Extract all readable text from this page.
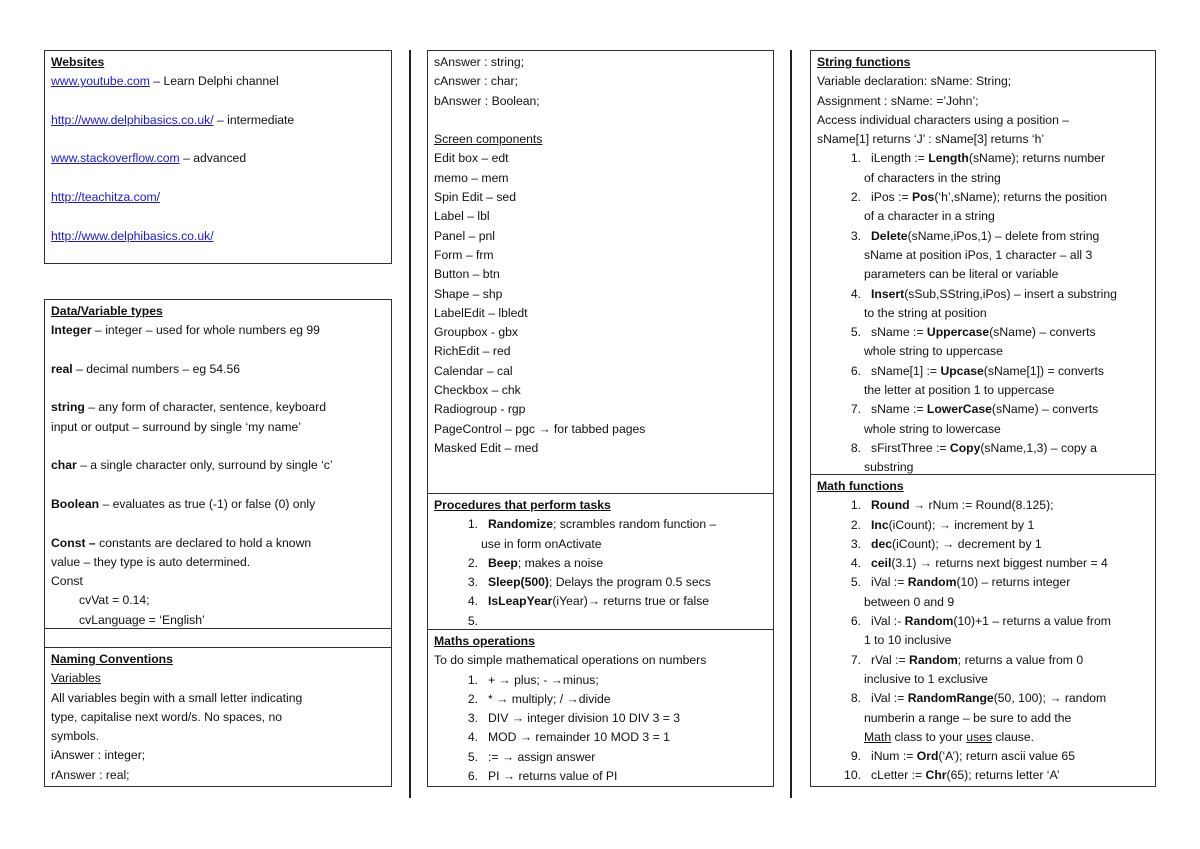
Websites
www.youtube.com – Learn Delphi channel
http://www.delphibasics.co.uk/ – intermediate
www.stackoverflow.com – advanced
http://teachitza.com/
http://www.delphibasics.co.uk/
Data/Variable types
Integer – integer – used for whole numbers eg 99
real – decimal numbers – eg 54.56
string – any form of character, sentence, keyboard
input or output – surround by single ‘my name’
char – a single character only, surround by single ‘c’
Boolean – evaluates as true (-1) or false (0) only
Const – constants are declared to hold a known
value – they type is auto determined.
Const
cvVat = 0.14;
cvLanguage = ‘English’
Naming Conventions
Variables
All variables begin with a small letter indicating
type, capitalise next word/s. No spaces, no
symbols.
iAnswer : integer;
rAnswer : real;
sAnswer : string;
cAnswer : char;
bAnswer : Boolean;
Screen components
Edit box – edt
memo – mem
Spin Edit – sed
Label – lbl
Panel – pnl
Form – frm
Button – btn
Shape – shp
LabelEdit – lbledt
Groupbox - gbx
RichEdit – red
Calendar – cal
Checkbox – chk
Radiogroup - rgp
PageControl – pgc → for tabbed pages
Masked Edit – med
Procedures that perform tasks
1. Randomize; scrambles random function –
use in form onActivate
2. Beep; makes a noise
3. Sleep(500); Delays the program 0.5 secs
4. IsLeapYear(iYear)→ returns true or false
5.
Maths operations
To do simple mathematical operations on numbers
1. + → plus; - →minus;
2. * → multiply; / →divide
3. DIV → integer division 10 DIV 3 = 3
4. MOD → remainder 10 MOD 3 = 1
5. := → assign answer
6. PI → returns value of PI
String functions
Variable declaration: sName: String;
Assignment : sName: =’John’;
Access individual characters using a position –
sName[1] returns ‘J’ : sName[3] returns ‘h’
1. iLength := Length(sName); returns number
of characters in the string
2. iPos := Pos(‘h’,sName); returns the position
of a character in a string
3. Delete(sName,iPos,1) – delete from string
sName at position iPos, 1 character – all 3
parameters can be literal or variable
4. Insert(sSub,SString,iPos) – insert a substring
to the string at position
5. sName := Uppercase(sName) – converts
whole string to uppercase
6. sName[1] := Upcase(sName[1]) = converts
the letter at position 1 to uppercase
7. sName := LowerCase(sName) – converts
whole string to lowercase
8. sFirstThree := Copy(sName,1,3) – copy a
substring
Math functions
1. Round → rNum := Round(8.125);
2. Inc(iCount); → increment by 1
3. dec(iCount); → decrement by 1
4. ceil(3.1) → returns next biggest number = 4
5. iVal := Random(10) – returns integer
between 0 and 9
6. iVal :- Random(10)+1 – returns a value from
1 to 10 inclusive
7. rVal := Random; returns a value from 0
inclusive to 1 exclusive
8. iVal := RandomRange(50, 100); → random
numberin a range – be sure to add the
Math class to your uses clause.
9. iNum := Ord(‘A’); return ascii value 65
10. cLetter := Chr(65); returns letter ‘A’
